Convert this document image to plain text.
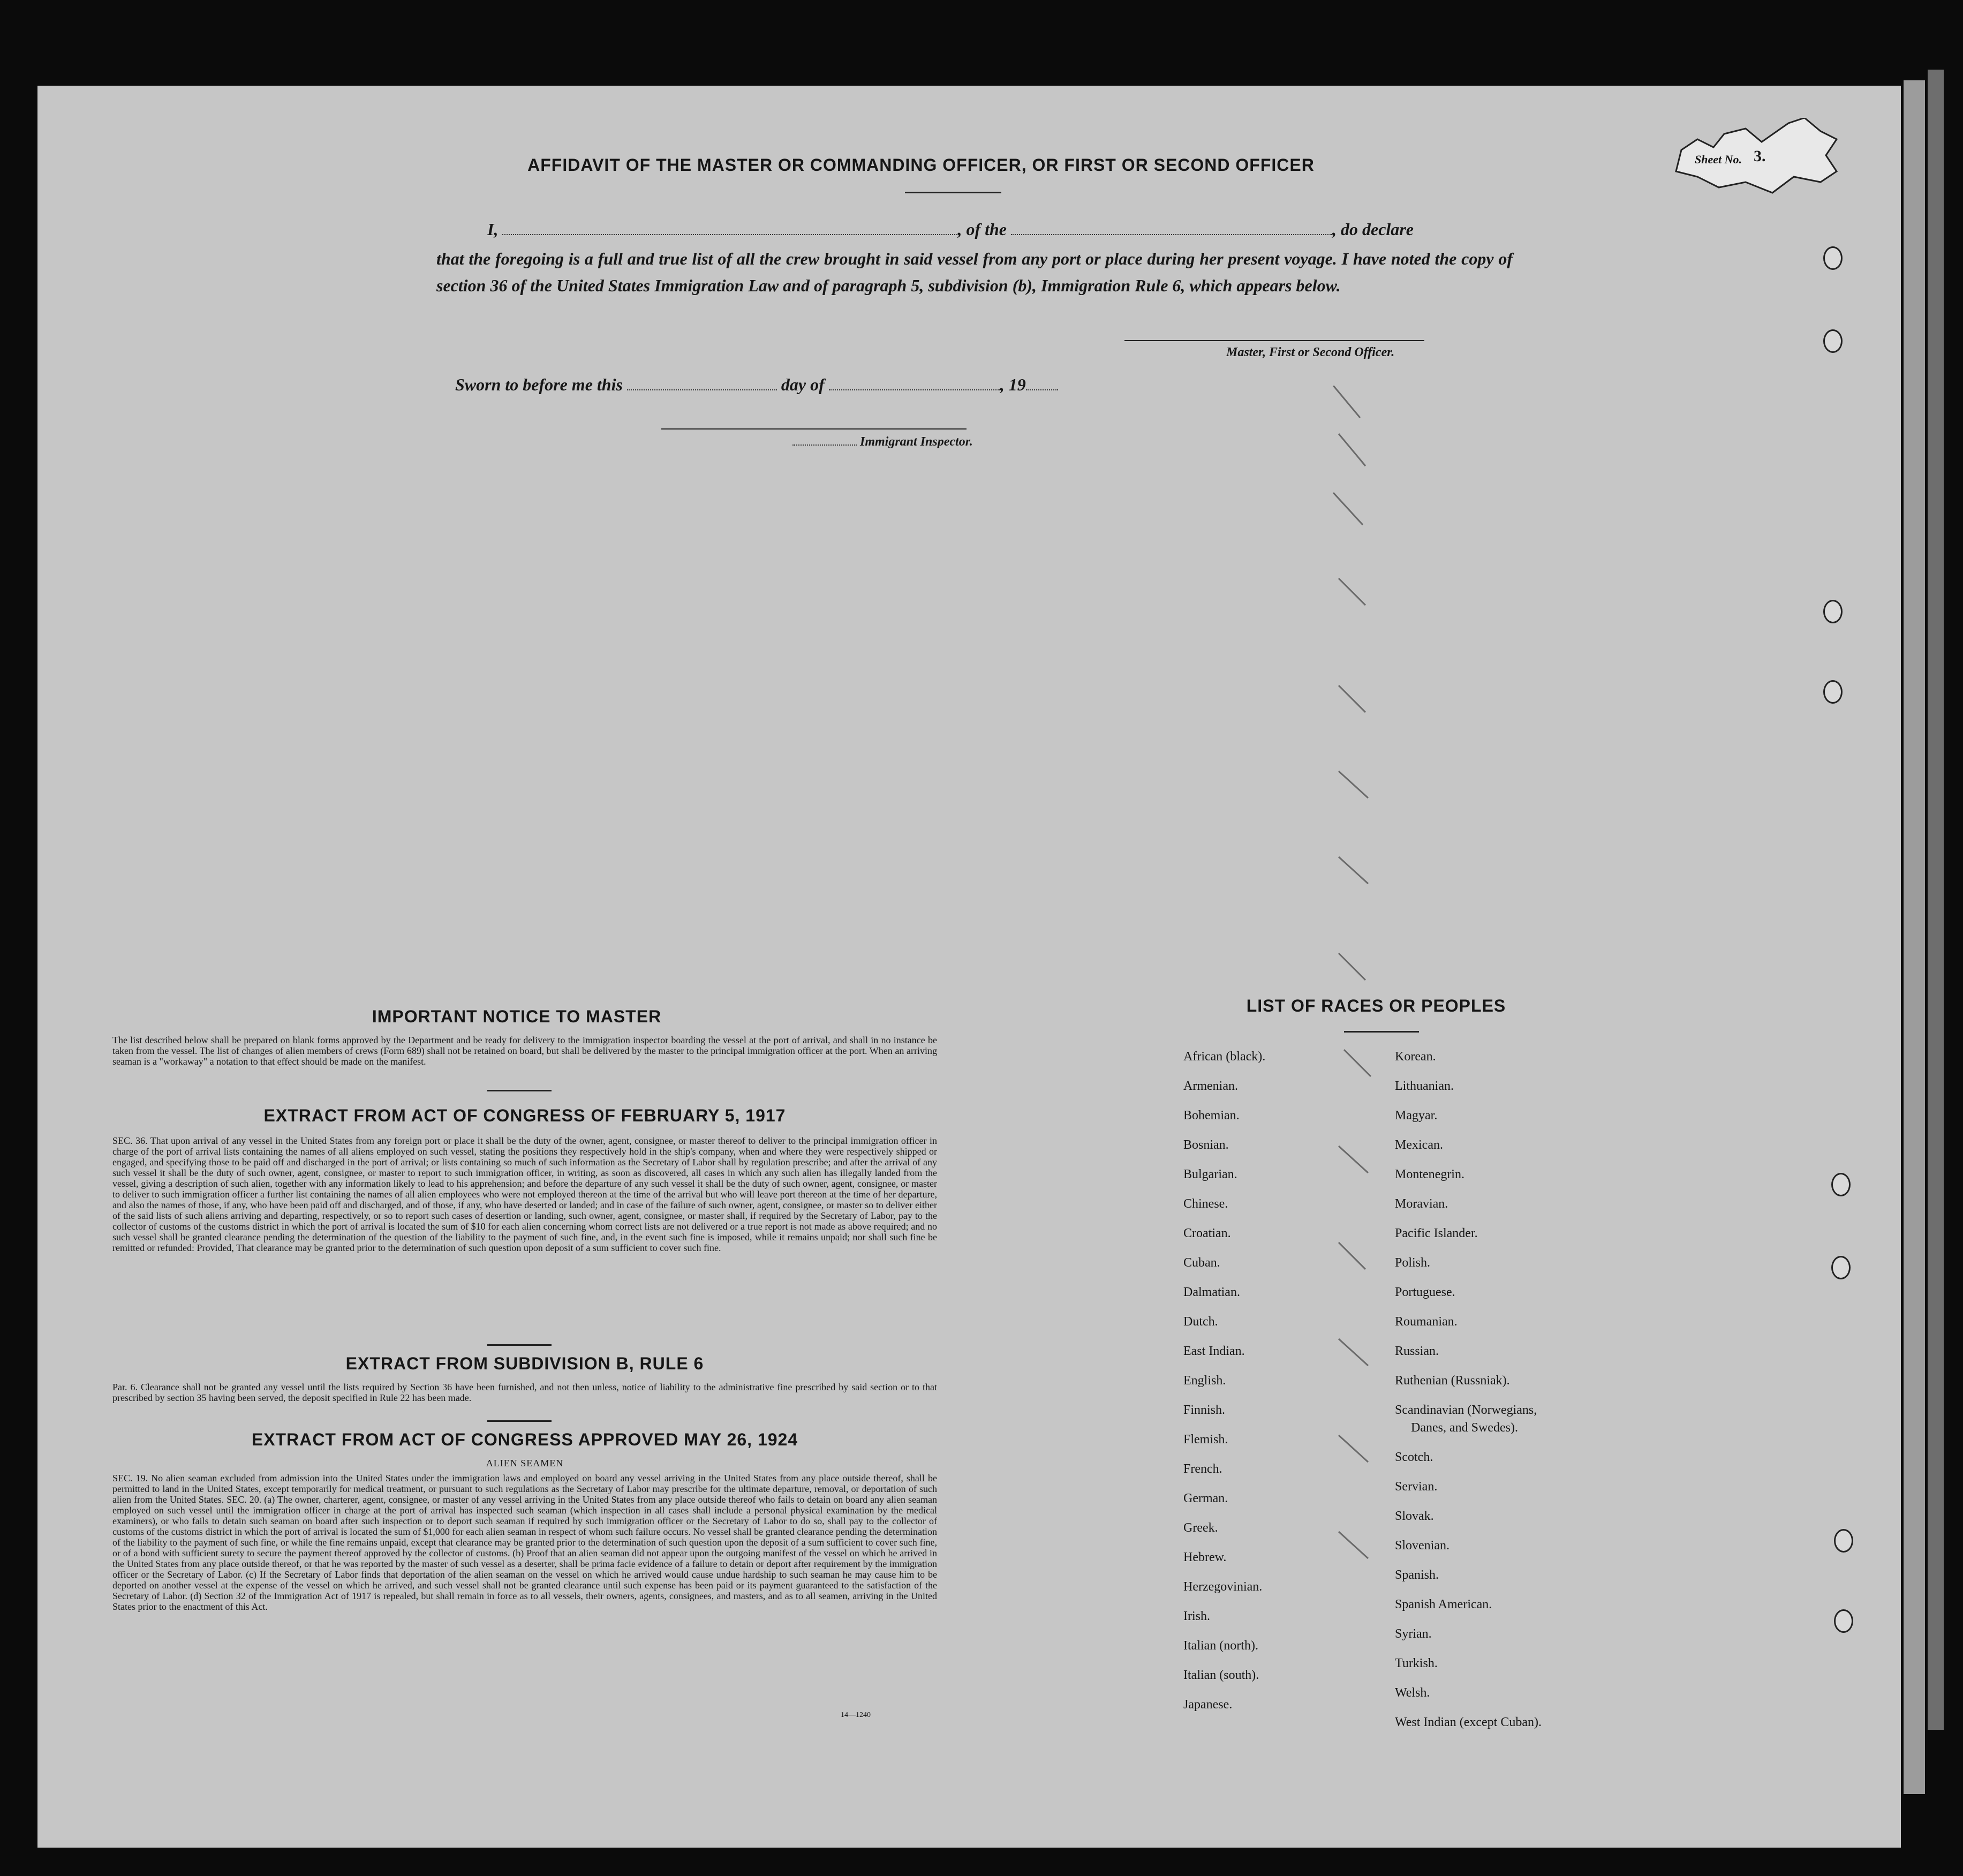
AFFIDAVIT OF THE MASTER OR COMMANDING OFFICER, OR FIRST OR SECOND OFFICER	Sheet No. 3.
I,	, of the	, do declare
that the foregoing is a full and true list of all the crew brought in said vessel from any port or place during her present voyage. I have noted the copy of section 36 of the United States Immigration Law and of paragraph 5, subdivision (b), Immigration Rule 6, which appears below.
Master, First or Second Officer.
Sworn to before me this	day of	, 19
Immigrant Inspector.
IMPORTANT NOTICE TO MASTER
The list described below shall be prepared on blank forms approved by the Department and be ready for delivery to the immigration inspector boarding the vessel at the port of arrival, and shall in no instance be taken from the vessel. The list of changes of alien members of crews (Form 689) shall not be retained on board, but shall be delivered by the master to the principal immigration officer at the port. When an arriving seaman is a "workaway" a notation to that effect should be made on the manifest.
EXTRACT FROM ACT OF CONGRESS OF FEBRUARY 5, 1917
SEC. 36. That upon arrival of any vessel in the United States from any foreign port or place it shall be the duty of the owner, agent, consignee, or master thereof to deliver to the principal immigration officer in charge of the port of arrival lists containing the names of all aliens employed on such vessel, stating the positions they respectively hold in the ship's company, when and where they were respectively shipped or engaged, and specifying those to be paid off and discharged in the port of arrival; or lists containing so much of such information as the Secretary of Labor shall by regulation prescribe; and after the arrival of any such vessel it shall be the duty of such owner, agent, consignee, or master to report to such immigration officer, in writing, as soon as discovered, all cases in which any such alien has illegally landed from the vessel, giving a description of such alien, together with any information likely to lead to his apprehension; and before the departure of any such vessel it shall be the duty of such owner, agent, consignee, or master to deliver to such immigration officer a further list containing the names of all alien employees who were not employed thereon at the time of the arrival but who will leave port thereon at the time of her departure, and also the names of those, if any, who have been paid off and discharged, and of those, if any, who have deserted or landed; and in case of the failure of such owner, agent, consignee, or master so to deliver either of the said lists of such aliens arriving and departing, respectively, or so to report such cases of desertion or landing, such owner, agent, consignee, or master shall, if required by the Secretary of Labor, pay to the collector of customs of the customs district in which the port of arrival is located the sum of $10 for each alien concerning whom correct lists are not delivered or a true report is not made as above required; and no such vessel shall be granted clearance pending the determination of the question of the liability to the payment of such fine, and, in the event such fine is imposed, while it remains unpaid; nor shall such fine be remitted or refunded: Provided, That clearance may be granted prior to the determination of such question upon deposit of a sum sufficient to cover such fine.
EXTRACT FROM SUBDIVISION B, RULE 6
Par. 6. Clearance shall not be granted any vessel until the lists required by Section 36 have been furnished, and not then unless, notice of liability to the administrative fine prescribed by said section or to that prescribed by section 35 having been served, the deposit specified in Rule 22 has been made.
EXTRACT FROM ACT OF CONGRESS APPROVED MAY 26, 1924
ALIEN SEAMEN
SEC. 19. No alien seaman excluded from admission into the United States under the immigration laws and employed on board any vessel arriving in the United States from any place outside thereof, shall be permitted to land in the United States, except temporarily for medical treatment, or pursuant to such regulations as the Secretary of Labor may prescribe for the ultimate departure, removal, or deportation of such alien from the United States. SEC. 20. (a) The owner, charterer, agent, consignee, or master of any vessel arriving in the United States from any place outside thereof who fails to detain on board any alien seaman employed on such vessel until the immigration officer in charge at the port of arrival has inspected such seaman (which inspection in all cases shall include a personal physical examination by the medical examiners), or who fails to detain such seaman on board after such inspection or to deport such seaman if required by such immigration officer or the Secretary of Labor to do so, shall pay to the collector of customs of the customs district in which the port of arrival is located the sum of $1,000 for each alien seaman in respect of whom such failure occurs. No vessel shall be granted clearance pending the determination of the liability to the payment of such fine, or while the fine remains unpaid, except that clearance may be granted prior to the determination of such question upon the deposit of a sum sufficient to cover such fine, or of a bond with sufficient surety to secure the payment thereof approved by the collector of customs. (b) Proof that an alien seaman did not appear upon the outgoing manifest of the vessel on which he arrived in the United States from any place outside thereof, or that he was reported by the master of such vessel as a deserter, shall be prima facie evidence of a failure to detain or deport after requirement by the immigration officer or the Secretary of Labor. (c) If the Secretary of Labor finds that deportation of the alien seaman on the vessel on which he arrived would cause undue hardship to such seaman he may cause him to be deported on another vessel at the expense of the vessel on which he arrived, and such vessel shall not be granted clearance until such expense has been paid or its payment guaranteed to the satisfaction of the Secretary of Labor. (d) Section 32 of the Immigration Act of 1917 is repealed, but shall remain in force as to all vessels, their owners, agents, consignees, and masters, and as to all seamen, arriving in the United States prior to the enactment of this Act.
14—1240
LIST OF RACES OR PEOPLES
African (black).
Armenian.
Bohemian.
Bosnian.
Bulgarian.
Chinese.
Croatian.
Cuban.
Dalmatian.
Dutch.
East Indian.
English.
Finnish.
Flemish.
French.
German.
Greek.
Hebrew.
Herzegovinian.
Irish.
Italian (north).
Italian (south).
Japanese.
Korean.
Lithuanian.
Magyar.
Mexican.
Montenegrin.
Moravian.
Pacific Islander.
Polish.
Portuguese.
Roumanian.
Russian.
Ruthenian (Russniak).
Scandinavian (Norwegians,
Danes, and Swedes).
Scotch.
Servian.
Slovak.
Slovenian.
Spanish.
Spanish American.
Syrian.
Turkish.
Welsh.
West Indian (except Cuban).
